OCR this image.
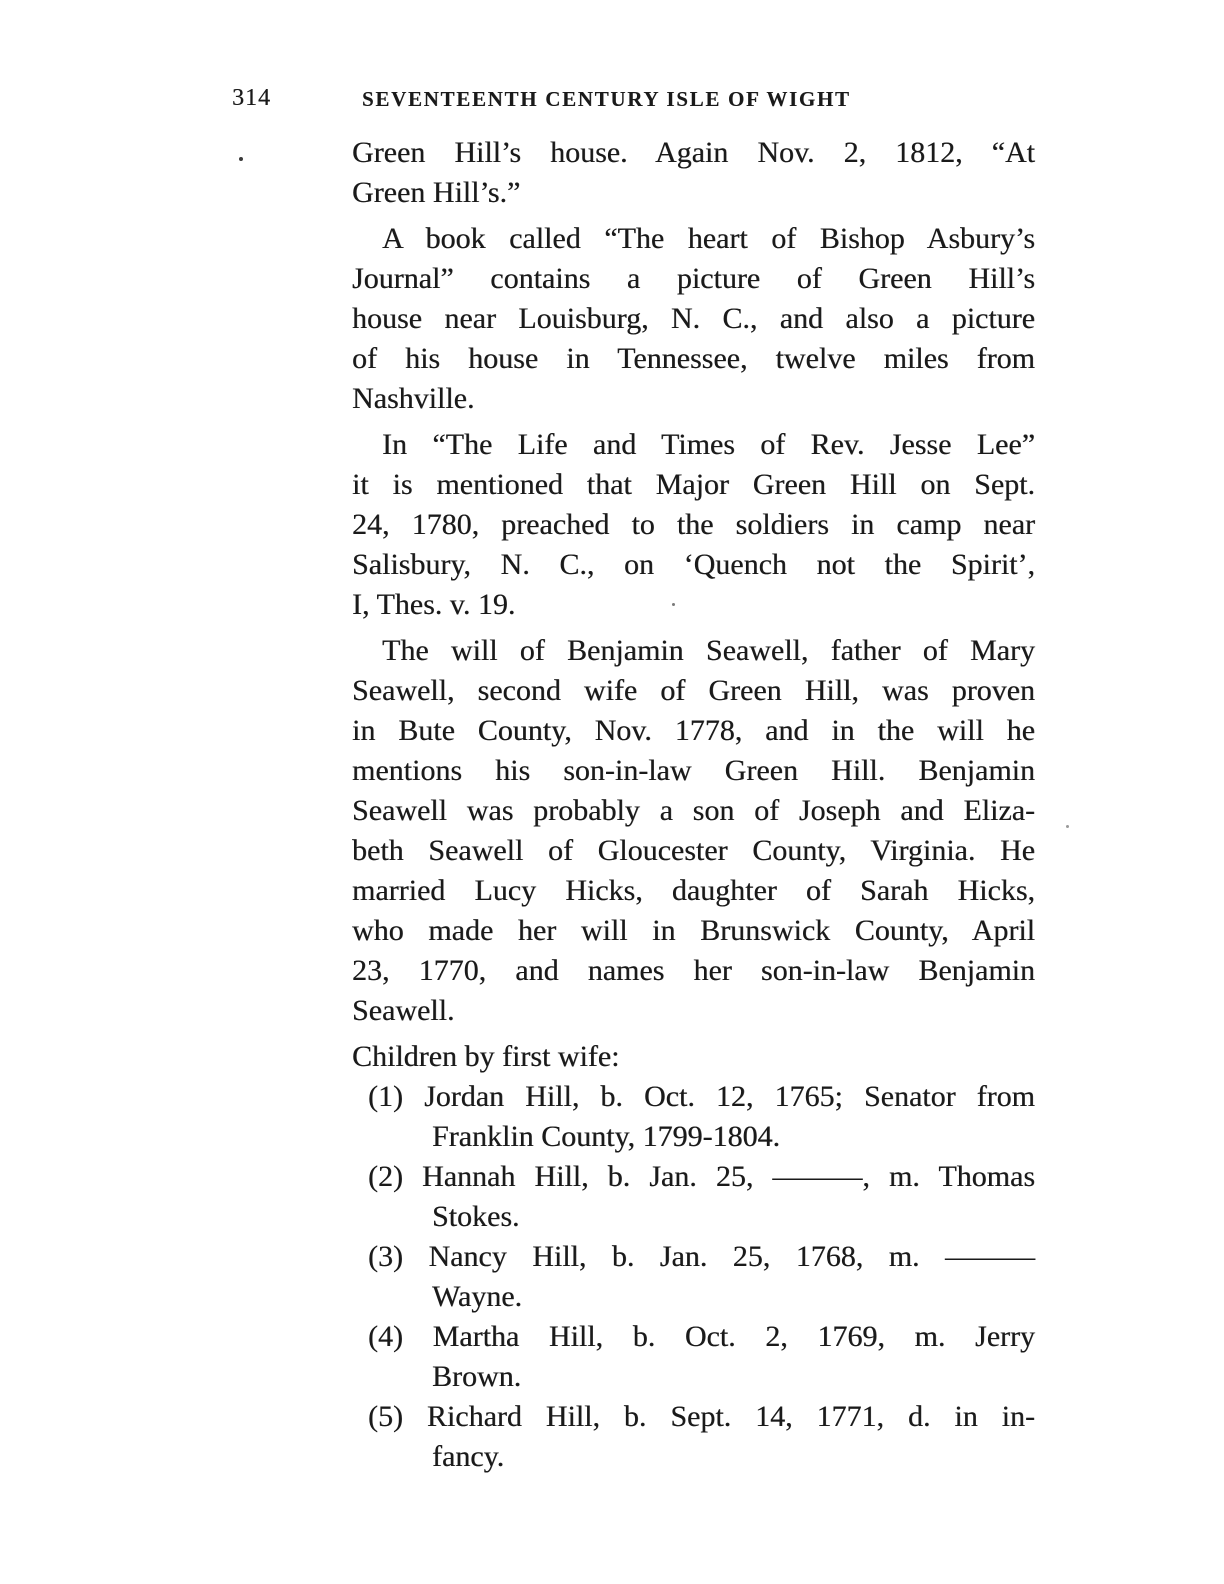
314	SEVENTEENTH CENTURY ISLE OF WIGHT

Green Hill’s house. Again Nov. 2, 1812, “At
Green Hill’s.”

A book called “The heart of Bishop Asbury’s
Journal” contains a picture of Green Hill’s
house near Louisburg, N. C., and also a picture
of his house in Tennessee, twelve miles from
Nashville.

In “The Life and Times of Rev. Jesse Lee”
it is mentioned that Major Green Hill on Sept.
24, 1780, preached to the soldiers in camp near
Salisbury, N. C., on ‘Quench not the Spirit’,
I, Thes. v. 19.

The will of Benjamin Seawell, father of Mary
Seawell, second wife of Green Hill, was proven
in Bute County, Nov. 1778, and in the will he
mentions his son-in-law Green Hill. Benjamin
Seawell was probably a son of Joseph and Eliza-
beth Seawell of Gloucester County, Virginia. He
married Lucy Hicks, daughter of Sarah Hicks,
who made her will in Brunswick County, April
23, 1770, and names her son-in-law Benjamin
Seawell.

Children by first wife:
(1) Jordan Hill, b. Oct. 12, 1765; Senator from
Franklin County, 1799-1804.
(2) Hannah Hill, b. Jan. 25, ———, m. Thomas
Stokes.
(3) Nancy Hill, b. Jan. 25, 1768, m. ———
Wayne.
(4) Martha Hill, b. Oct. 2, 1769, m. Jerry
Brown.
(5) Richard Hill, b. Sept. 14, 1771, d. in in-
fancy.
